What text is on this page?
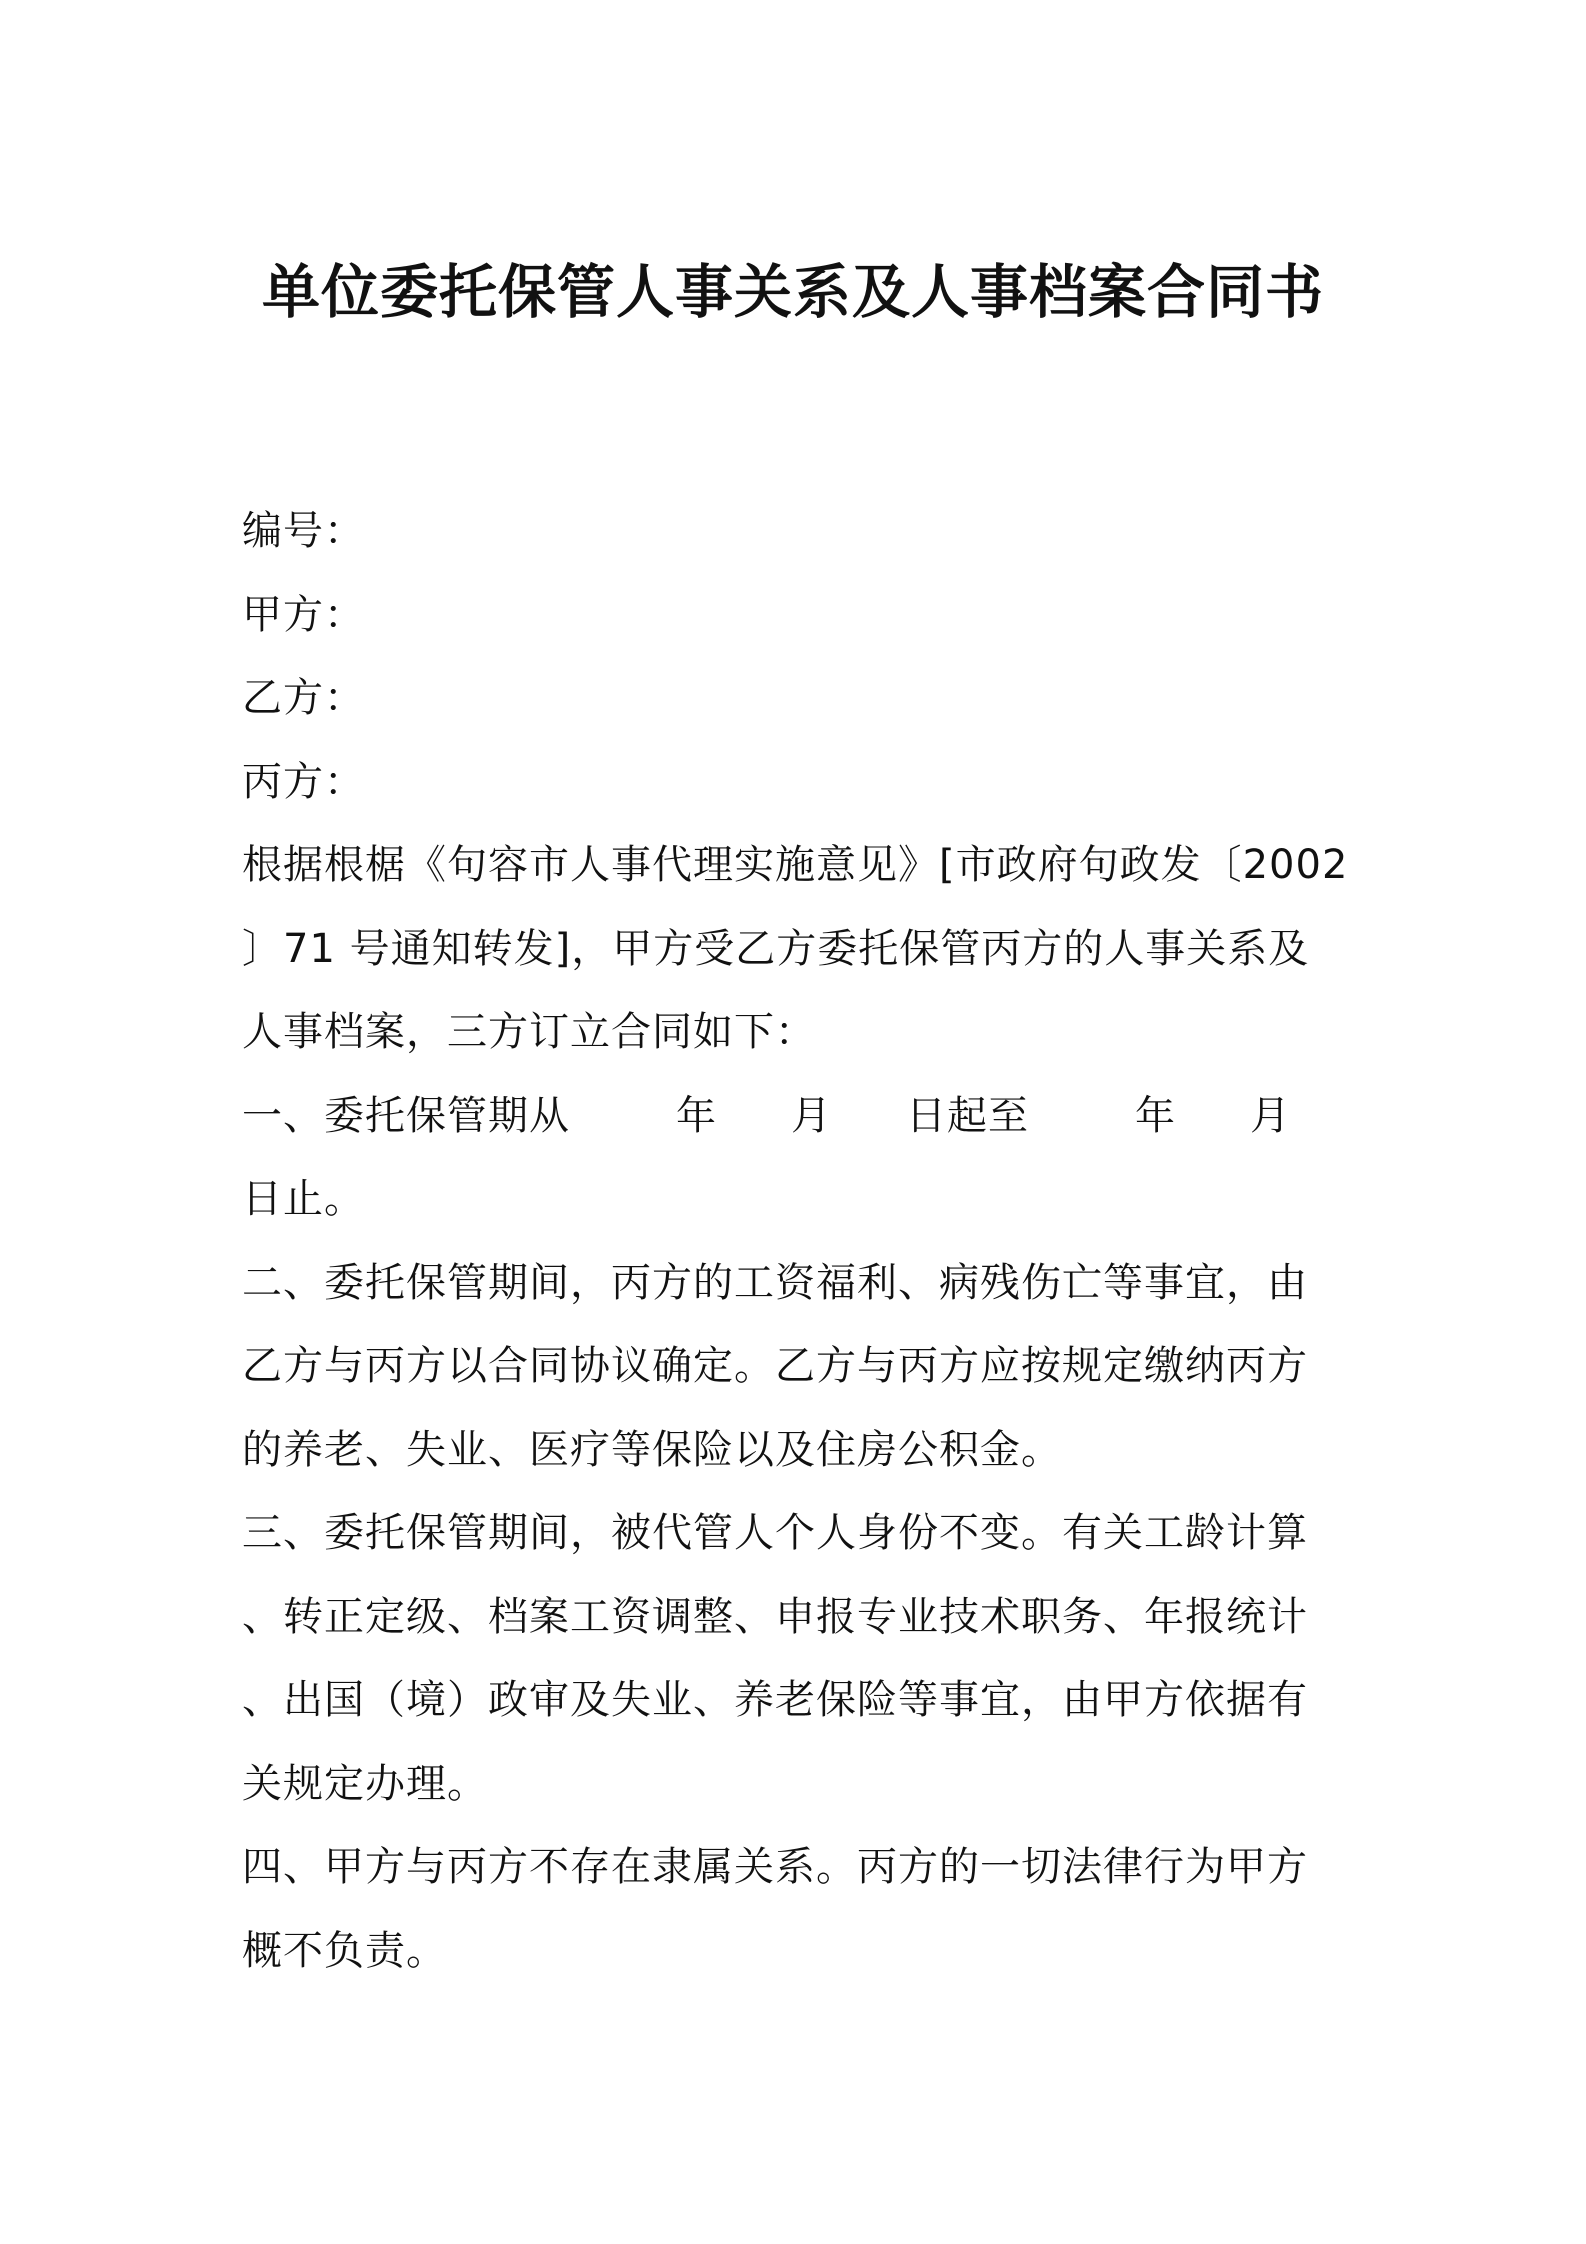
单位委托保管人事关系及人事档案合同书

编号：

甲方：

乙方：

丙方：

根据根椐《句容市人事代理实施意见》[市政府句政发〔2002

〕71 号通知转发]，甲方受乙方委托保管丙方的人事关系及

人事档案，三方订立合同如下：

一、委托保管期从	年 月 日起至	年 月

日止。

二、委托保管期间，丙方的工资福利、病残伤亡等事宜，由

乙方与丙方以合同协议确定。乙方与丙方应按规定缴纳丙方

的养老、失业、医疗等保险以及住房公积金。

三、委托保管期间，被代管人个人身份不变。有关工龄计算

、转正定级、档案工资调整、申报专业技术职务、年报统计

、出国（境）政审及失业、养老保险等事宜，由甲方依据有

关规定办理。

四、甲方与丙方不存在隶属关系。丙方的一切法律行为甲方

概不负责。
